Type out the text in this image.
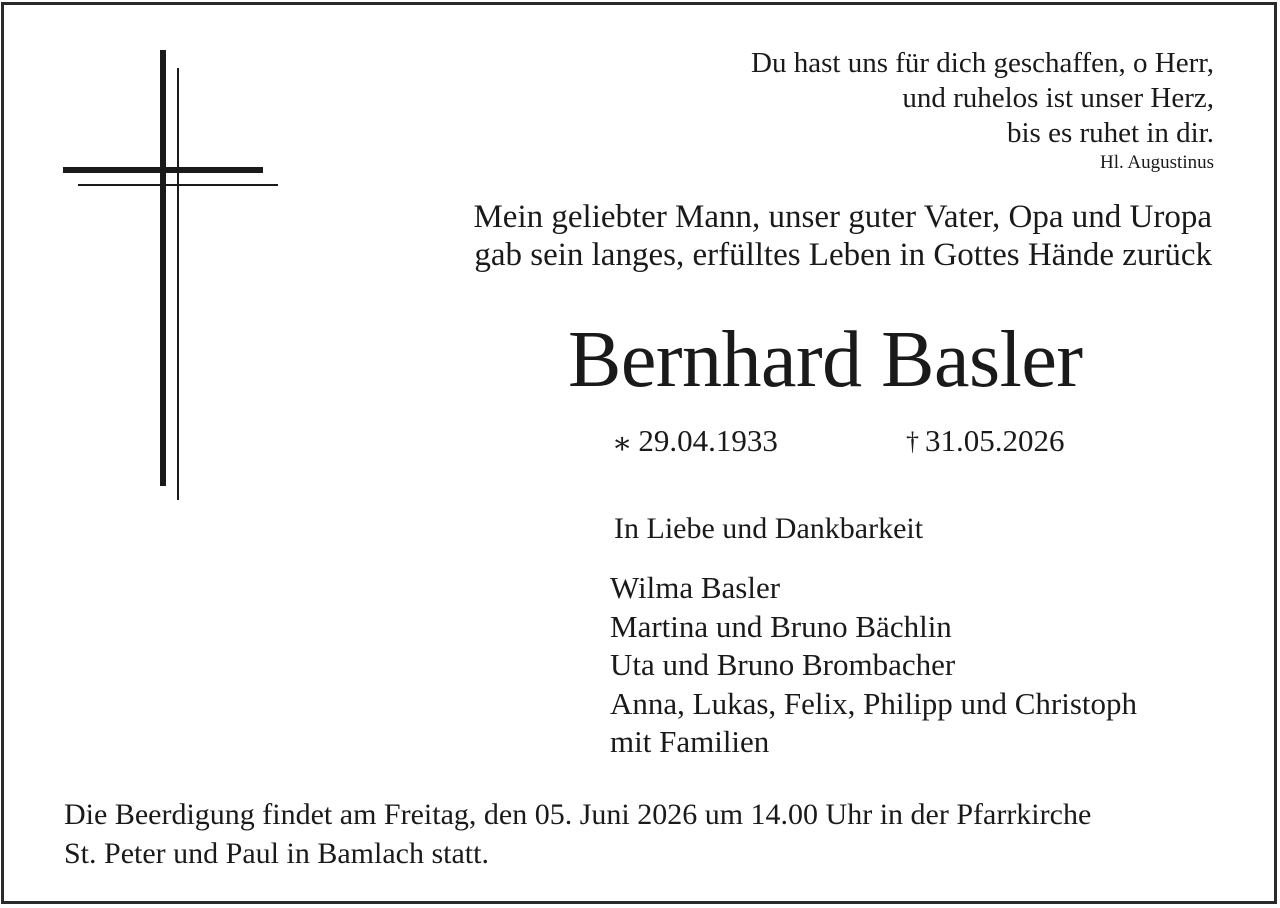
Du hast uns für dich geschaffen, o Herr,
und ruhelos ist unser Herz,
bis es ruhet in dir.
Hl. Augustinus
Mein geliebter Mann, unser guter Vater, Opa und Uropa
gab sein langes, erfülltes Leben in Gottes Hände zurück
Bernhard Basler
∗ 29.04.1933	† 31.05.2026
In Liebe und Dankbarkeit
Wilma Basler
Martina und Bruno Bächlin
Uta und Bruno Brombacher
Anna, Lukas, Felix, Philipp und Christoph
mit Familien
Die Beerdigung findet am Freitag, den 05. Juni 2026 um 14.00 Uhr in der Pfarrkirche
St. Peter und Paul in Bamlach statt.
